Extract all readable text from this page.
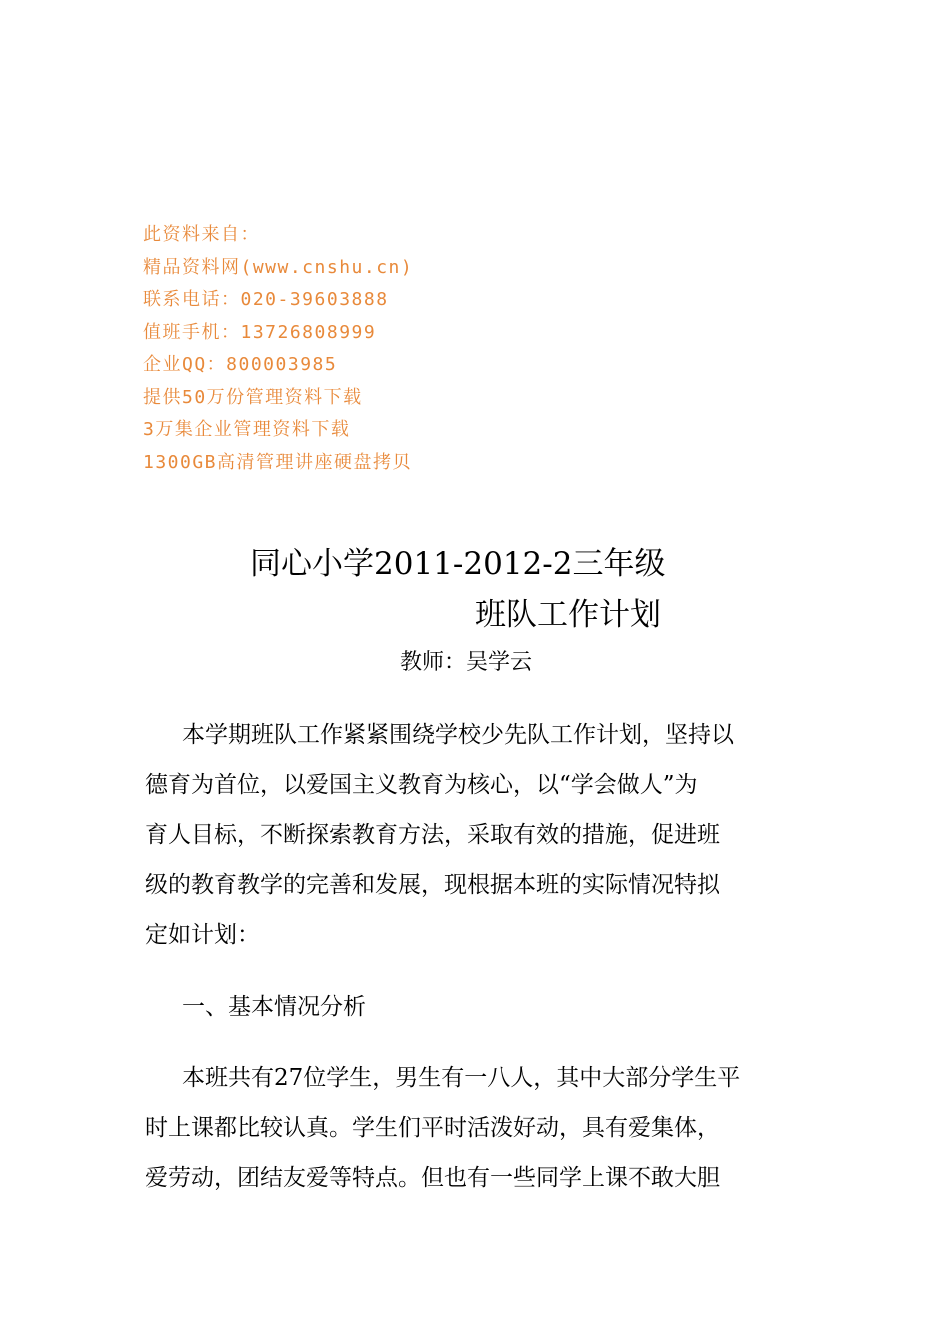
此资料来自：
精品资料网(www.cnshu.cn)
联系电话：020-39603888
值班手机：13726808999
企业QQ：800003985
提供50万份管理资料下载
3万集企业管理资料下载
1300GB高清管理讲座硬盘拷贝
同心小学2011-2012-2三年级
班队工作计划
教师：吴学云
本学期班队工作紧紧围绕学校少先队工作计划，坚持以
德育为首位，以爱国主义教育为核心，以“学会做人”为
育人目标，不断探索教育方法，采取有效的措施，促进班
级的教育教学的完善和发展，现根据本班的实际情况特拟
定如计划：
一、基本情况分析
本班共有27位学生，男生有一八人，其中大部分学生平
时上课都比较认真。学生们平时活泼好动，具有爱集体，
爱劳动，团结友爱等特点。但也有一些同学上课不敢大胆
